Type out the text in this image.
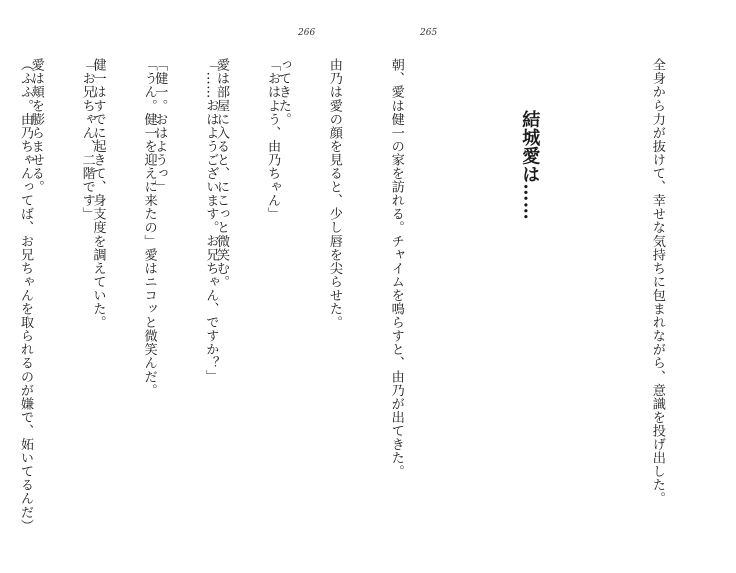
266	265

全身から力が抜けて、幸せな気持ちに包まれながら、意識を投げ出した。

結城愛は……

朝、愛は健一の家を訪れる。チャイムを鳴らすと、由乃が出てきた。

由乃は愛の顔を見ると、少し唇を尖らせた。

「おはよう、由乃ちゃん」

「……おはようございます。お兄ちゃん、ですか？」

「うん。健一を迎えに来たの」愛はニコッと微笑んだ。

「お兄ちゃん、二階です」

（ふふ。由乃ちゃんってば、お兄ちゃんを取られるのが嫌で、妬いてるんだ）

	ってきた。

愛は部屋に入ると、にこっと微笑む。

「健一。おはようっ」

健一はすでに起きて、身支度を調えていた。

愛は頬を膨らませる。
